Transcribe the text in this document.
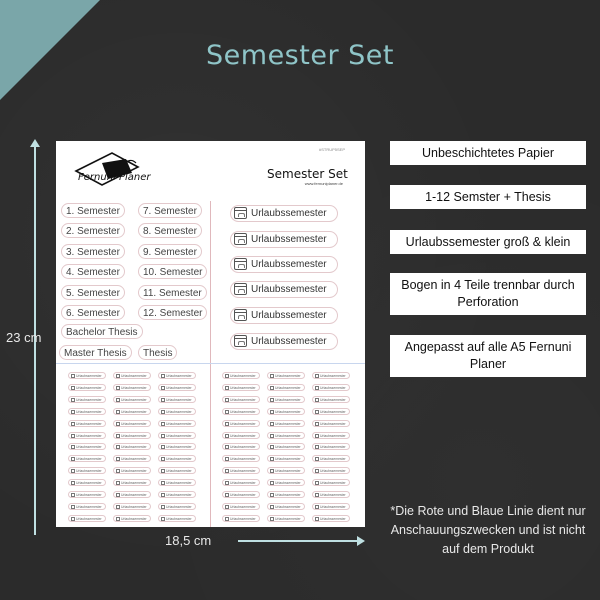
Semester Set
23 cm
18,5 cm
Fernuni Planer
#STRUP5SEP
Semester Set
www.fernuniplaner.de
1. Semester
2. Semester
3. Semester
4. Semester
5. Semester
6. Semester
7. Semester
8. Semester
9. Semester
10. Semester
11. Semester
12. Semester
Bachelor Thesis
Master Thesis	Thesis
Urlaubssemester
Urlaubssemester
Urlaubssemester
Urlaubssemester
Urlaubssemester
Urlaubssemester
Urlaubssemester	Urlaubssemester	Urlaubssemester	Urlaubssemester	Urlaubssemester	Urlaubssemester
Urlaubssemester	Urlaubssemester	Urlaubssemester	Urlaubssemester	Urlaubssemester	Urlaubssemester
Urlaubssemester	Urlaubssemester	Urlaubssemester	Urlaubssemester	Urlaubssemester	Urlaubssemester
Urlaubssemester	Urlaubssemester	Urlaubssemester	Urlaubssemester	Urlaubssemester	Urlaubssemester
Urlaubssemester	Urlaubssemester	Urlaubssemester	Urlaubssemester	Urlaubssemester	Urlaubssemester
Urlaubssemester	Urlaubssemester	Urlaubssemester	Urlaubssemester	Urlaubssemester	Urlaubssemester
Urlaubssemester	Urlaubssemester	Urlaubssemester	Urlaubssemester	Urlaubssemester	Urlaubssemester
Urlaubssemester	Urlaubssemester	Urlaubssemester	Urlaubssemester	Urlaubssemester	Urlaubssemester
Urlaubssemester	Urlaubssemester	Urlaubssemester	Urlaubssemester	Urlaubssemester	Urlaubssemester
Urlaubssemester	Urlaubssemester	Urlaubssemester	Urlaubssemester	Urlaubssemester	Urlaubssemester
Urlaubssemester	Urlaubssemester	Urlaubssemester	Urlaubssemester	Urlaubssemester	Urlaubssemester
Urlaubssemester	Urlaubssemester	Urlaubssemester	Urlaubssemester	Urlaubssemester	Urlaubssemester
Urlaubssemester	Urlaubssemester	Urlaubssemester	Urlaubssemester	Urlaubssemester	Urlaubssemester
Unbeschichtetes Papier
1-12 Semster + Thesis
Urlaubssemester groß & klein
Bogen in 4 Teile trennbar durch Perforation
Angepasst auf alle A5 Fernuni Planer
*Die Rote und Blaue Linie dient nur Anschauungszwecken und ist nicht auf dem Produkt
